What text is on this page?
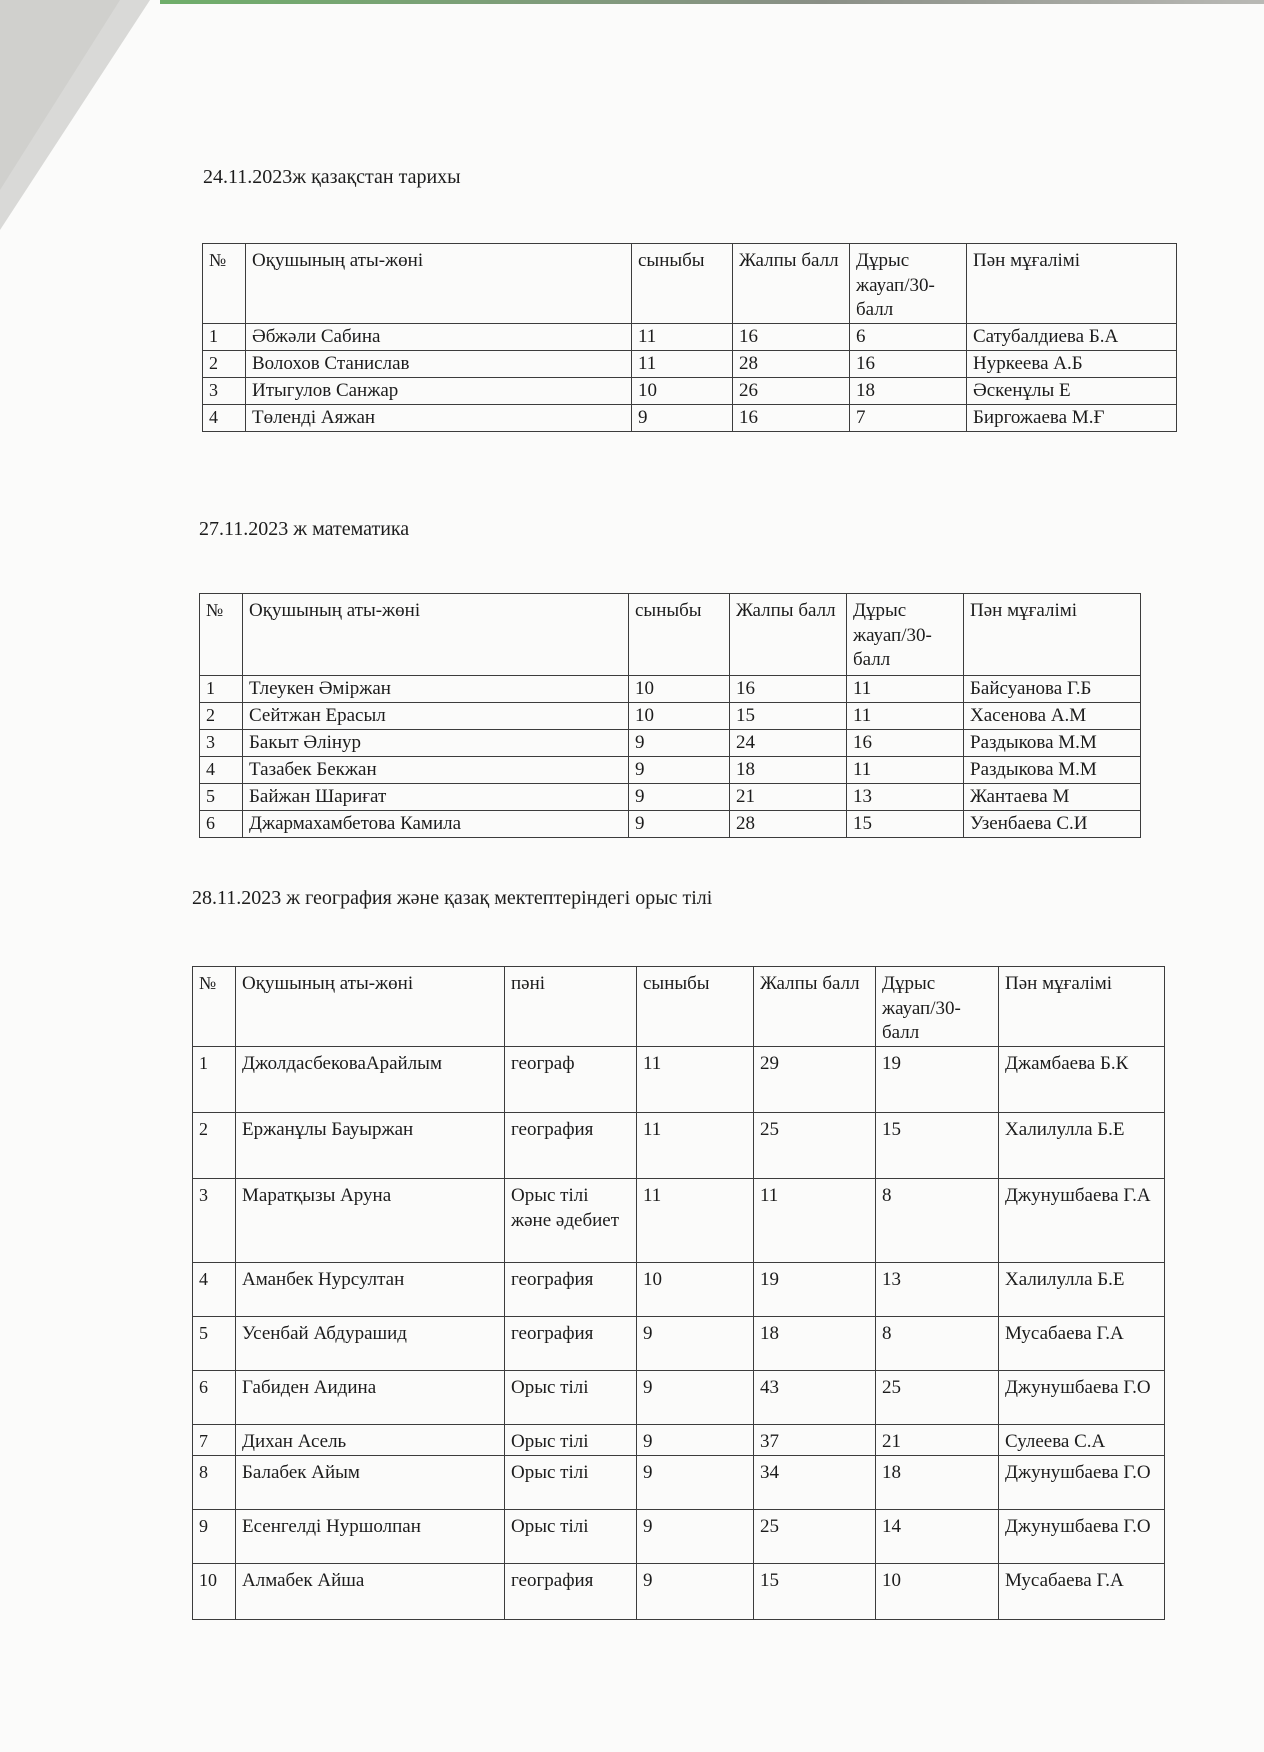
24.11.2023ж қазақстан тарихы
№	Оқушының аты-жөні	сыныбы	Жалпы балл	Дұрыс жауап/30-балл	Пән мұғалімі
1	Әбжәли Сабина	11	16	6	Сатубалдиева Б.А
2	Волохов Станислав	11	28	16	Нуркеева А.Б
3	Итыгулов Санжар	10	26	18	Әскенұлы Е
4	Төленді Аяжан	9	16	7	Биргожаева М.Ғ
27.11.2023 ж математика
№	Оқушының аты-жөні	сыныбы	Жалпы балл	Дұрыс жауап/30-балл	Пән мұғалімі
1	Тлеукен Әміржан	10	16	11	Байсуанова Г.Б
2	Сейтжан Ерасыл	10	15	11	Хасенова А.М
3	Бакыт Әлінур	9	24	16	Раздыкова М.М
4	Тазабек Бекжан	9	18	11	Раздыкова М.М
5	Байжан Шариғат	9	21	13	Жантаева М
6	Джармахамбетова Камила	9	28	15	Узенбаева С.И
28.11.2023 ж география және қазақ мектептеріндегі орыс тілі
№	Оқушының аты-жөні	пәні	сыныбы	Жалпы балл	Дұрыс жауап/30-балл	Пән мұғалімі
1	ДжолдасбековаАрайлым	географ	11	29	19	Джамбаева Б.К
2	Ержанұлы Бауыржан	география	11	25	15	Халилулла Б.Е
3	Маратқызы Аруна	Орыс тілі және әдебиет	11	11	8	Джунушбаева Г.А
4	Аманбек Нурсултан	география	10	19	13	Халилулла Б.Е
5	Усенбай Абдурашид	география	9	18	8	Мусабаева Г.А
6	Габиден Аидина	Орыс тілі	9	43	25	Джунушбаева Г.О
7	Дихан Асель	Орыс тілі	9	37	21	Сулеева С.А
8	Балабек Айым	Орыс тілі	9	34	18	Джунушбаева Г.О
9	Есенгелді Нуршолпан	Орыс тілі	9	25	14	Джунушбаева Г.О
10	Алмабек Айша	география	9	15	10	Мусабаева Г.А
